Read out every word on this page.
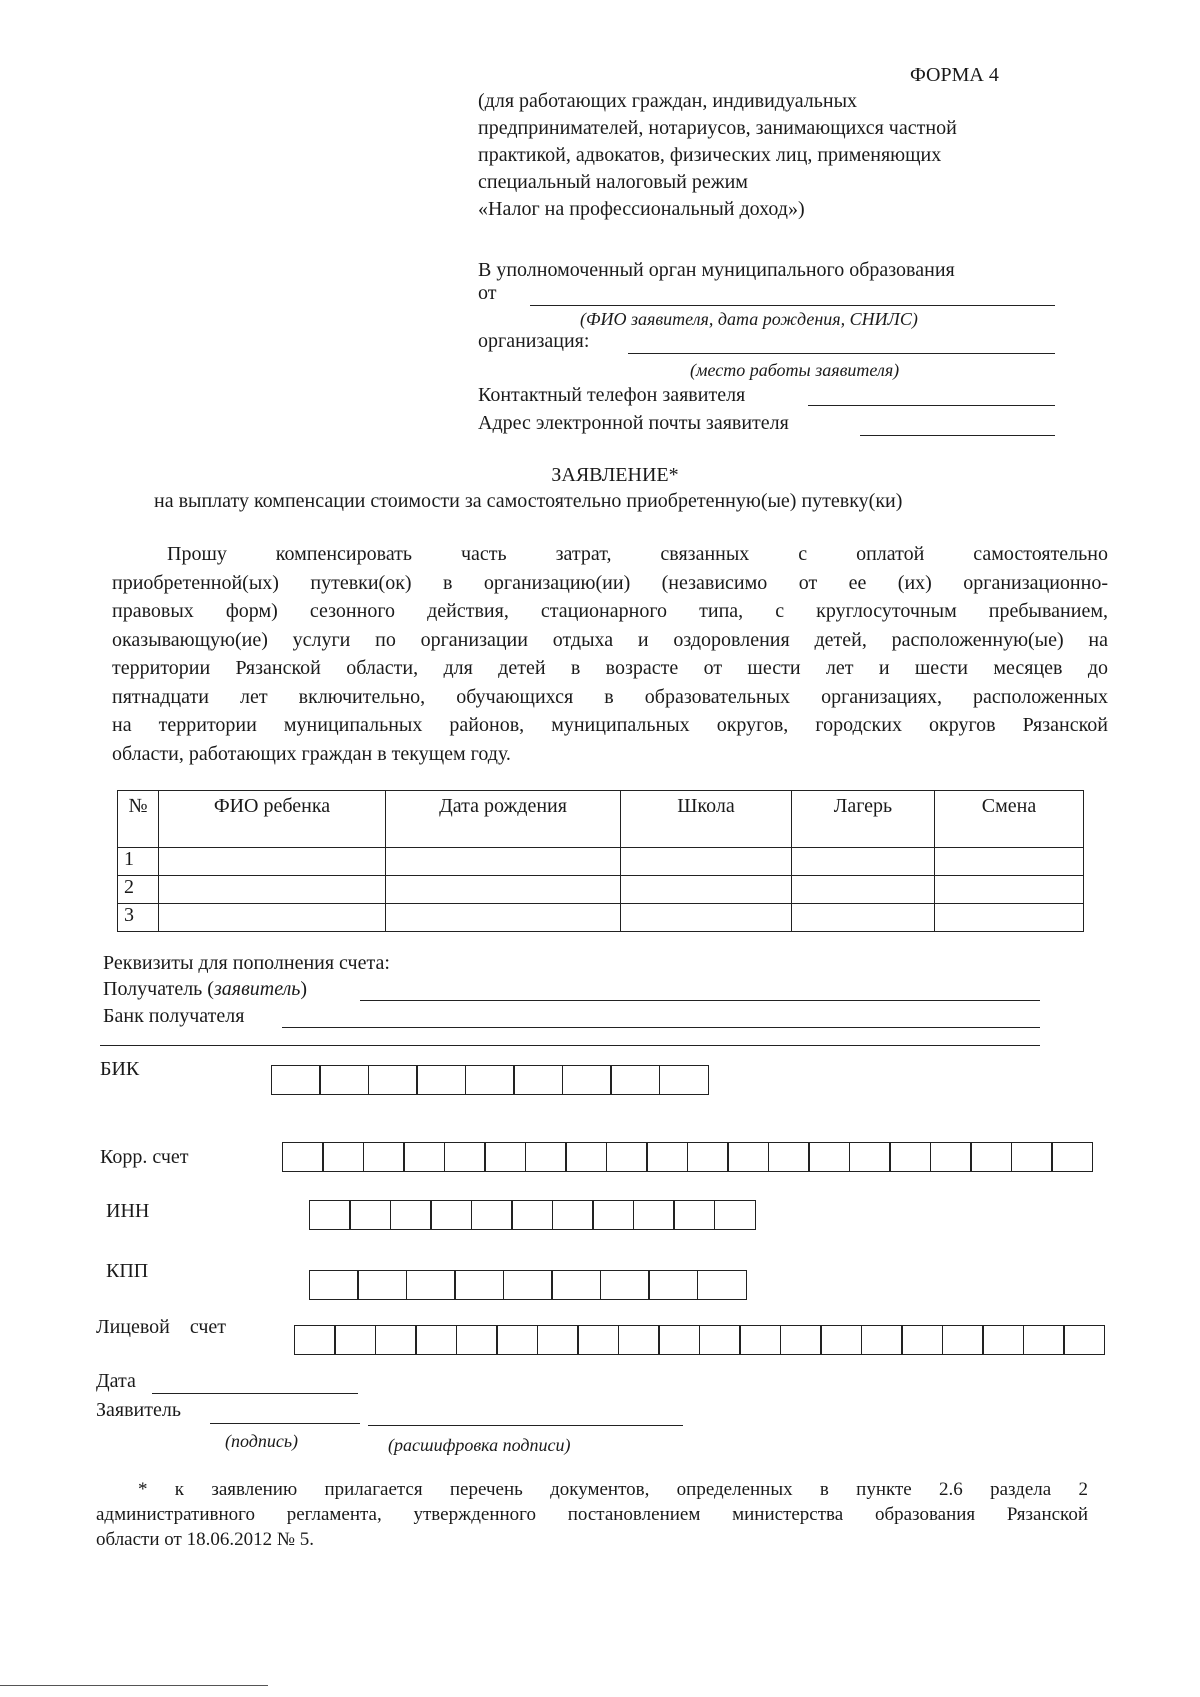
ФОРМА 4
(для работающих граждан, индивидуальных
предпринимателей, нотариусов, занимающихся частной
практикой, адвокатов, физических лиц, применяющих
специальный налоговый режим
«Налог на профессиональный доход»)
В уполномоченный орган муниципального образования
от
(ФИО заявителя, дата рождения, СНИЛС)
организация:
(место работы заявителя)
Контактный телефон заявителя
Адрес электронной почты заявителя
ЗАЯВЛЕНИЕ*
на выплату компенсации стоимости за самостоятельно приобретенную(ые) путевку(ки)
Прошу компенсировать часть затрат, связанных с оплатой самостоятельно
приобретенной(ых) путевки(ок) в организацию(ии) (независимо от ее (их) организационно-
правовых форм) сезонного действия, стационарного типа, с круглосуточным пребыванием,
оказывающую(ие) услуги по организации отдыха и оздоровления детей, расположенную(ые) на
территории Рязанской области, для детей в возрасте от шести лет и шести месяцев до
пятнадцати лет включительно, обучающихся в образовательных организациях, расположенных
на территории муниципальных районов, муниципальных округов, городских округов Рязанской
области, работающих граждан в текущем году.
№	ФИО ребенка	Дата рождения	Школа	Лагерь	Смена
1					
2					
3					
Реквизиты для пополнения счета:
Получатель (заявитель)
Банк получателя
БИК
Корр. счет
ИНН
КПП
Лицевой счет
Дата
Заявитель
(подпись)	(расшифровка подписи)
* к заявлению прилагается перечень документов, определенных в пункте 2.6 раздела 2
административного регламента, утвержденного постановлением министерства образования Рязанской
области от 18.06.2012 № 5.
